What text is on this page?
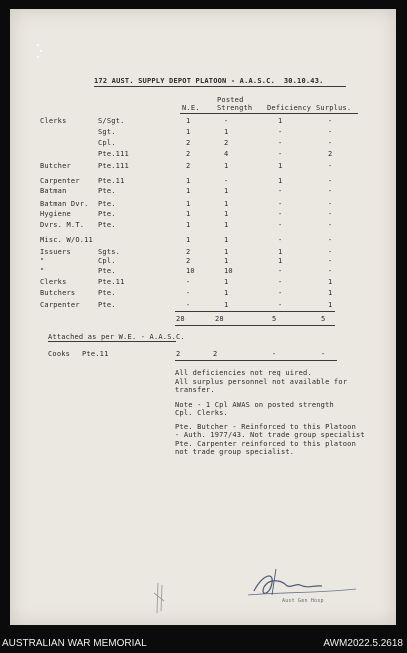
172 AUST. SUPPLY DEPOT PLATOON - A.A.S.C.  30.10.43.
N.E.
Posted
Strength Deficiency Surplus.
Clerks	S/Sgt.	1	-	1	-
Sgt.	1	1	-	-
Cpl.	2	2	-	-
Pte.111	2	4	-	2
Butcher	Pte.111	2	1	1	-
Carpenter	Pte.11	1	-	1	-
Batman	Pte.	1	1	-	-
Batman Dvr. Pte.	1	1	-	-
Hygiene	Pte.	1	1	-	-
Dvrs. M.T. Pte.	1	1	-	-
Misc. W/O.11	1	1	-	-
Issuers	Sgts.	2	1	1	-
"	Cpl.	2	1	1	-
"	Pte.	10	10	-	-
Clerks	Pte.11	-	1	-	1
Butchers	Pte.	-	1	-	1
Carpenter	Pte.	-	1	-	1
28	28	5	5
Attached as per W.E. - A.A.S.C.
Cooks Pte.11	2	2	-	-
All deficiencies not req uired.
All surplus personnel not available for
transfer.
Note - 1 Cpl AWAS on posted strength
Cpl. Clerks.
Pte. Butcher - Reinforced to this Platoon
- Auth. 1977/43. Not trade group specialist
Pte. Carpenter reinforced to this platoon
not trade group specialist.
Aust Gen Hosp
AUSTRALIAN WAR MEMORIAL	AWM2022.5.2618
